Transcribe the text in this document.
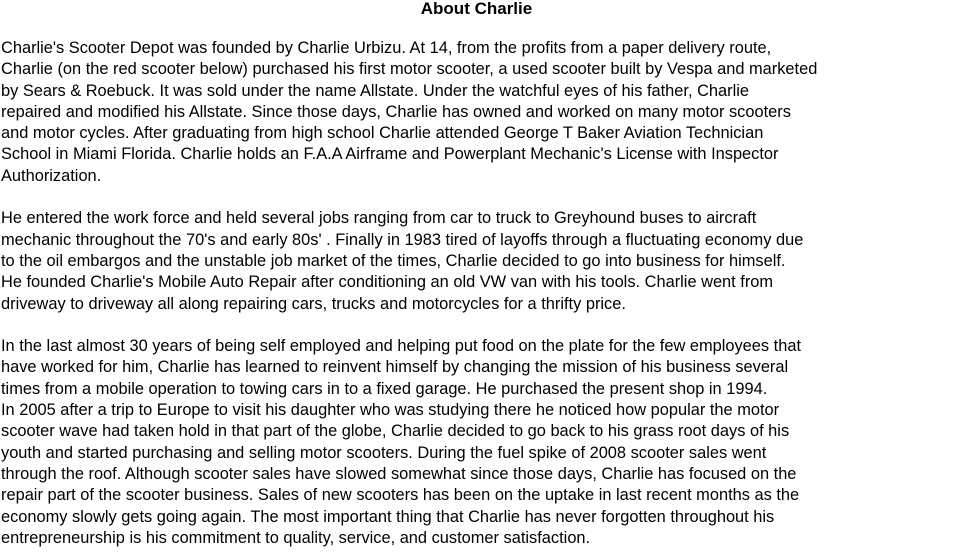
About Charlie

Charlie's Scooter Depot was founded by Charlie Urbizu. At 14, from the profits from a paper delivery route,
Charlie (on the red scooter below) purchased his first motor scooter, a used scooter built by Vespa and marketed
by Sears & Roebuck. It was sold under the name Allstate. Under the watchful eyes of his father, Charlie
repaired and modified his Allstate. Since those days, Charlie has owned and worked on many motor scooters
and motor cycles. After graduating from high school Charlie attended George T Baker Aviation Technician
School in Miami Florida. Charlie holds an F.A.A Airframe and Powerplant Mechanic's License with Inspector
Authorization.

He entered the work force and held several jobs ranging from car to truck to Greyhound buses to aircraft
mechanic throughout the 70's and early 80s' . Finally in 1983 tired of layoffs through a fluctuating economy due
to the oil embargos and the unstable job market of the times, Charlie decided to go into business for himself.
He founded Charlie's Mobile Auto Repair after conditioning an old VW van with his tools. Charlie went from
driveway to driveway all along repairing cars, trucks and motorcycles for a thrifty price.

In the last almost 30 years of being self employed and helping put food on the plate for the few employees that
have worked for him, Charlie has learned to reinvent himself by changing the mission of his business several
times from a mobile operation to towing cars in to a fixed garage. He purchased the present shop in 1994.
In 2005 after a trip to Europe to visit his daughter who was studying there he noticed how popular the motor
scooter wave had taken hold in that part of the globe, Charlie decided to go back to his grass root days of his
youth and started purchasing and selling motor scooters. During the fuel spike of 2008 scooter sales went
through the roof. Although scooter sales have slowed somewhat since those days, Charlie has focused on the
repair part of the scooter business. Sales of new scooters has been on the uptake in last recent months as the
economy slowly gets going again. The most important thing that Charlie has never forgotten throughout his
entrepreneurship is his commitment to quality, service, and customer satisfaction.
